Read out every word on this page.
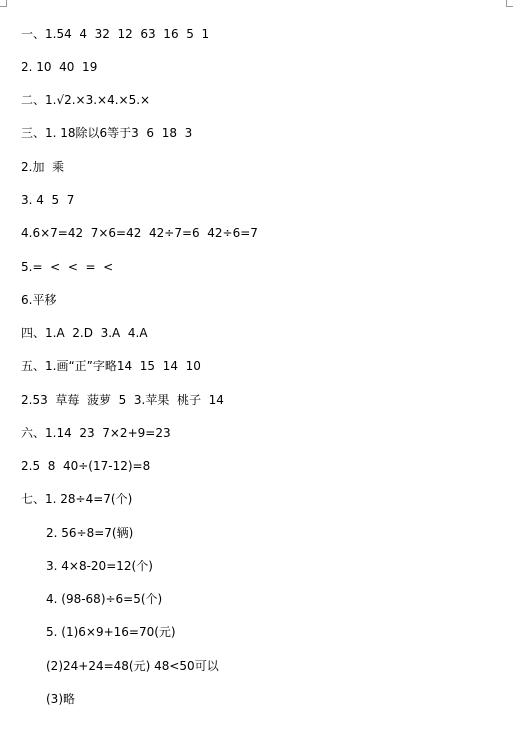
一、1.54  4  32  12  63  16  5  1
2. 10  40  19
二、1.√2.×3.×4.×5.×
三、1. 18除以6等于3  6  18  3
2.加  乘
3. 4  5  7
4.6×7=42  7×6=42  42÷7=6  42÷6=7
5.=  <  <  =  <
6.平移
四、1.A  2.D  3.A  4.A
五、1.画“正”字略14  15  14  10
2.53  草莓  菠萝  5  3.苹果  桃子  14
六、1.14  23  7×2+9=23
2.5  8  40÷(17-12)=8
七、1. 28÷4=7(个)
2. 56÷8=7(辆)
3. 4×8-20=12(个)
4. (98-68)÷6=5(个)
5. (1)6×9+16=70(元)
(2)24+24=48(元) 48<50可以
(3)略
